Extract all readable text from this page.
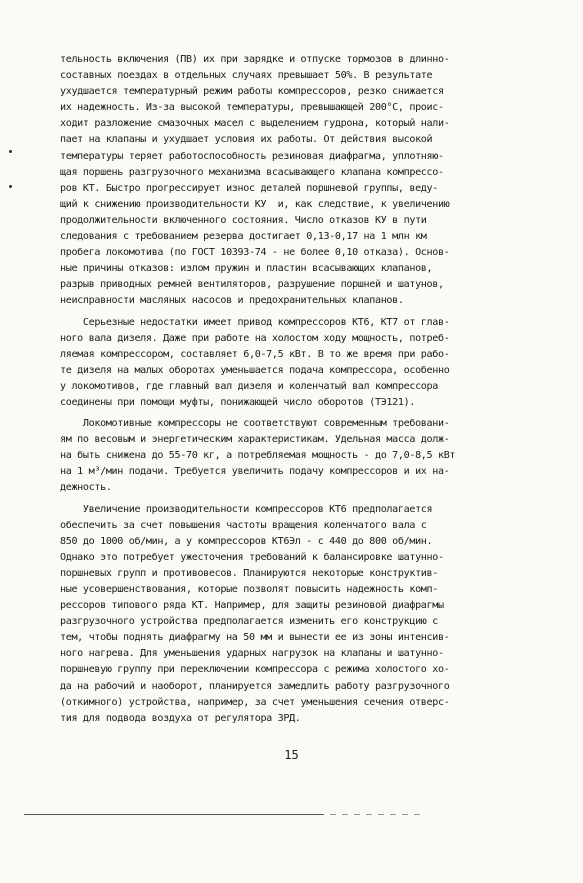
тельность включения (ПВ) их при зарядке и отпуске тормозов в длинно-
составных поездах в отдельных случаях превышает 50%. В результате
ухудшается температурный режим работы компрессоров, резко снижается
их надежность. Из-за высокой температуры, превышающей 200°С, проис-
ходит разложение смазочных масел с выделением гудрона, который нали-
пает на клапаны и ухудшает условия их работы. От действия высокой
температуры теряет работоспособность резиновая диафрагма, уплотняю-
щая поршень разгрузочного механизма всасывающего клапана компрессо-
ров КТ. Быстро прогрессирует износ деталей поршневой группы, веду-
щий к снижению производительности КУ  и, как следствие, к увеличению
продолжительности включенного состояния. Число отказов КУ в пути
следования с требованием резерва достигает 0,13-0,17 на 1 млн км
пробега локомотива (по ГОСТ 10393-74 - не более 0,10 отказа). Основ-
ные причины отказов: излом пружин и пластин всасывающих клапанов,
разрыв приводных ремней вентиляторов, разрушение поршней и шатунов,
неисправности масляных насосов и предохранительных клапанов.
Серьезные недостатки имеет привод компрессоров КТ6, КТ7 от глав-
ного вала дизеля. Даже при работе на холостом ходу мощность, потреб-
ляемая компрессором, составляет 6,0-7,5 кВт. В то же время при рабо-
те дизеля на малых оборотах уменьшается подача компрессора, особенно
у локомотивов, где главный вал дизеля и коленчатый вал компрессора
соединены при помощи муфты, понижающей число оборотов (ТЭ121).
Локомотивные компрессоры не соответствуют современным требовани-
ям по весовым и энергетическим характеристикам. Удельная масса долж-
на быть снижена до 55-70 кг, а потребляемая мощность - до 7,0-8,5 кВт
на 1 м³/мин подачи. Требуется увеличить подачу компрессоров и их на-
дежность.
Увеличение производительности компрессоров КТ6 предполагается
обеспечить за счет повышения частоты вращения коленчатого вала с
850 до 1000 об/мин, а у компрессоров КТ6Эл - с 440 до 800 об/мин.
Однако это потребует ужесточения требований к балансировке шатунно-
поршневых групп и противовесов. Планируются некоторые конструктив-
ные усовершенствования, которые позволят повысить надежность комп-
рессоров типового ряда КТ. Например, для защиты резиновой диафрагмы
разгрузочного устройства предполагается изменить его конструкцию с
тем, чтобы поднять диафрагму на 50 мм и вынести ее из зоны интенсив-
ного нагрева. Для уменьшения ударных нагрузок на клапаны и шатунно-
поршневую группу при переключении компрессора с режима холостого хо-
да на рабочий и наоборот, планируется замедлить работу разгрузочного
(откимного) устройства, например, за счет уменьшения сечения отверс-
тия для подвода воздуха от регулятора ЗРД.
15
